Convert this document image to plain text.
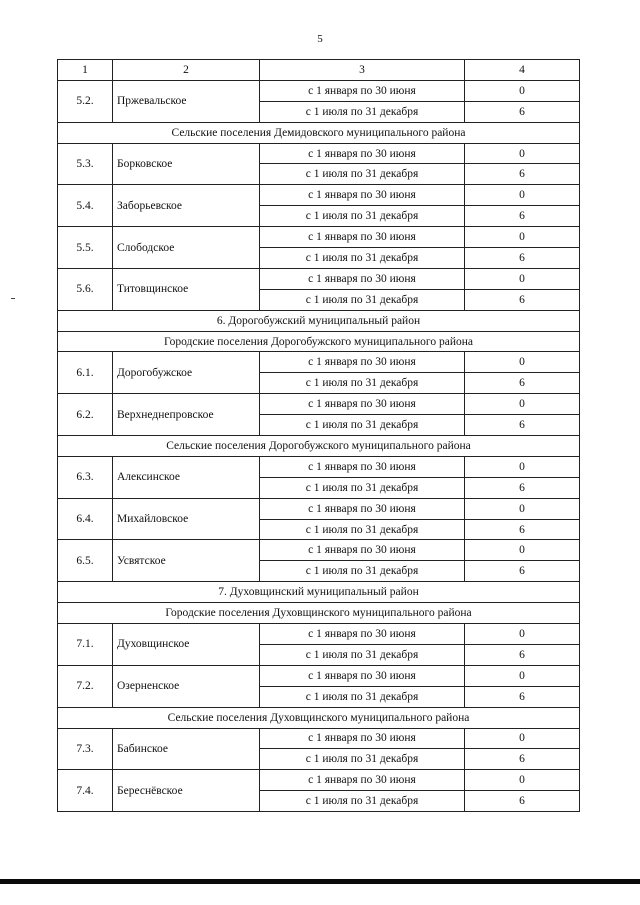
5
1	2	3	4
5.2.	Пржевальское	с 1 января по 30 июня	0
		с 1 июля по 31 декабря	6
Сельские поселения Демидовского муниципального района			
5.3.	Борковское	с 1 января по 30 июня	0
		с 1 июля по 31 декабря	6
5.4.	Заборьевское	с 1 января по 30 июня	0
		с 1 июля по 31 декабря	6
5.5.	Слободское	с 1 января по 30 июня	0
		с 1 июля по 31 декабря	6
5.6.	Титовщинское	с 1 января по 30 июня	0
		с 1 июля по 31 декабря	6
6. Дорогобужский муниципальный район			
Городские поселения Дорогобужского муниципального района			
6.1.	Дорогобужское	с 1 января по 30 июня	0
		с 1 июля по 31 декабря	6
6.2.	Верхнеднепровское	с 1 января по 30 июня	0
		с 1 июля по 31 декабря	6
Сельские поселения Дорогобужского муниципального района			
6.3.	Алексинское	с 1 января по 30 июня	0
		с 1 июля по 31 декабря	6
6.4.	Михайловское	с 1 января по 30 июня	0
		с 1 июля по 31 декабря	6
6.5.	Усвятское	с 1 января по 30 июня	0
		с 1 июля по 31 декабря	6
7. Духовщинский муниципальный район			
Городские поселения Духовщинского муниципального района			
7.1.	Духовщинское	с 1 января по 30 июня	0
		с 1 июля по 31 декабря	6
7.2.	Озерненское	с 1 января по 30 июня	0
		с 1 июля по 31 декабря	6
Сельские поселения Духовщинского муниципального района			
7.3.	Бабинское	с 1 января по 30 июня	0
		с 1 июля по 31 декабря	6
7.4.	Береснёвское	с 1 января по 30 июня	0
		с 1 июля по 31 декабря	6
